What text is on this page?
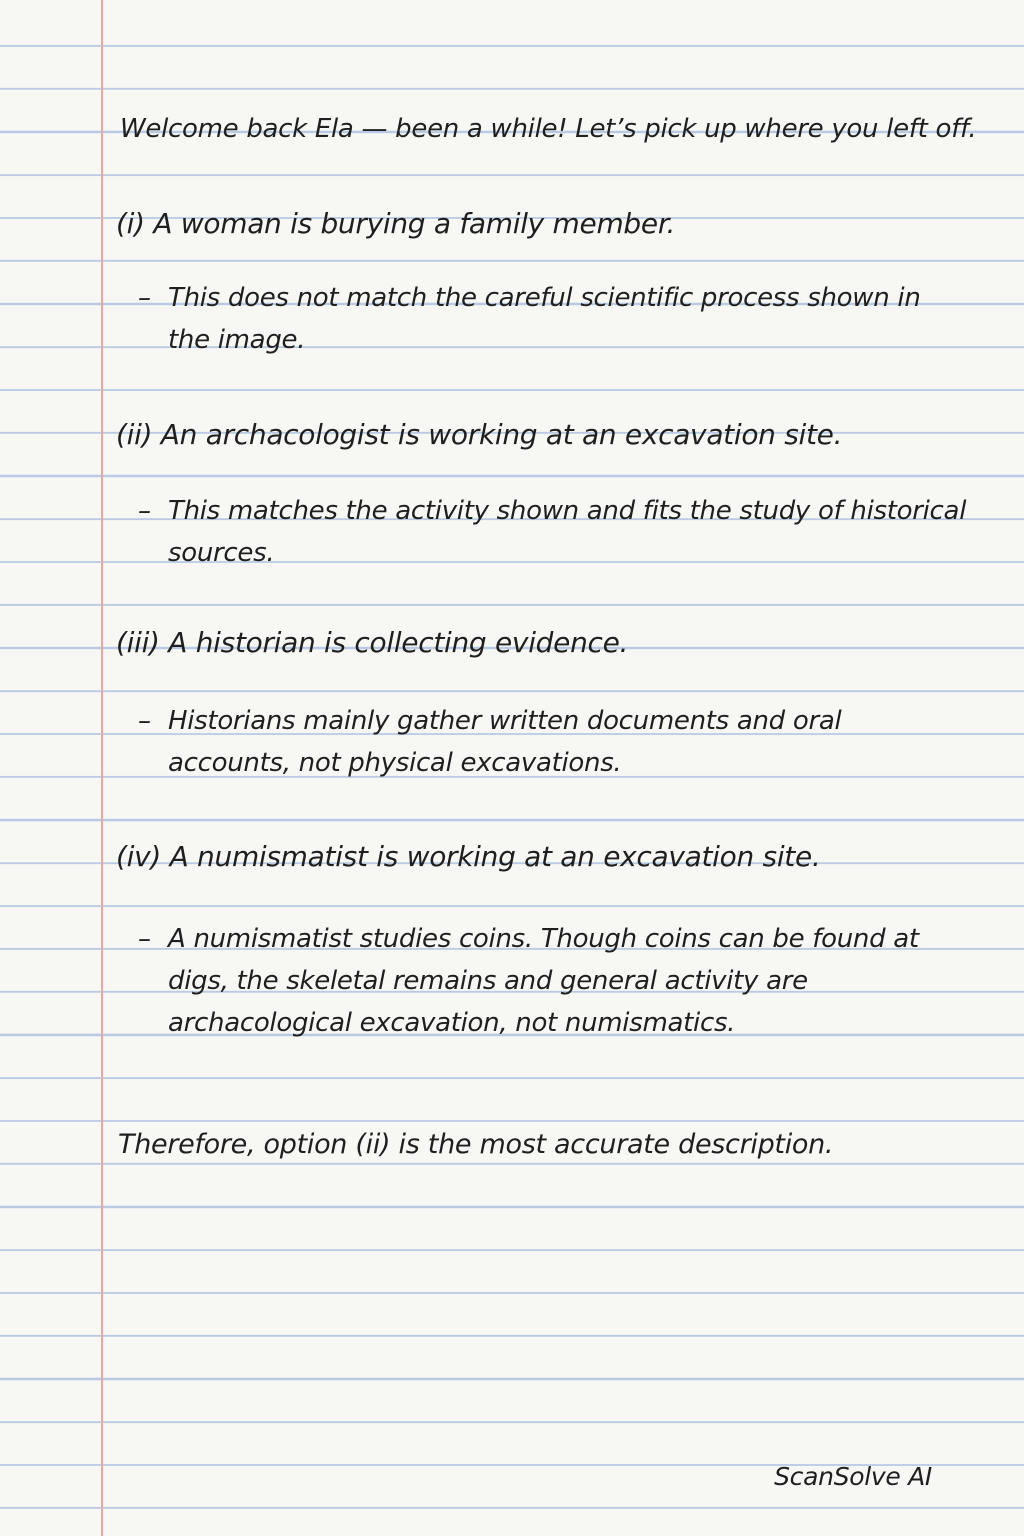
Welcome back Ela — been a while! Let’s pick up where you left off.

(i) A woman is burying a family member.

– This does not match the careful scientific process shown in the image.

(ii) An archacologist is working at an excavation site.

– This matches the activity shown and fits the study of historical sources.

(iii) A historian is collecting evidence.

– Historians mainly gather written documents and oral accounts, not physical excavations.

(iv) A numismatist is working at an excavation site.

– A numismatist studies coins. Though coins can be found at digs, the skeletal remains and general activity are archacological excavation, not numismatics.

Therefore, option (ii) is the most accurate description.

ScanSolve AI
